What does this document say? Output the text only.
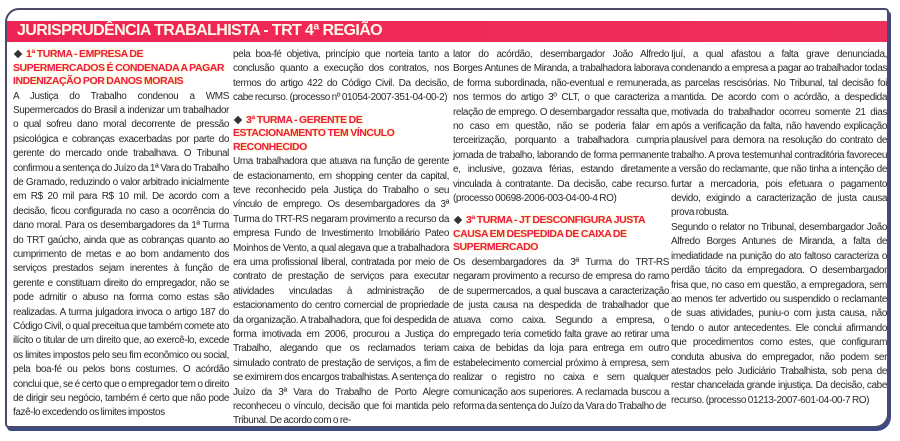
JURISPRUDÊNCIA TRABALHISTA - TRT 4ª REGIÃO
1ª TURMA - EMPRESA DE SUPERMERCADOS É CONDENADA A PAGAR INDENIZAÇÃO POR DANOS MORAIS

A Justiça do Trabalho condenou a WMS Supermercados do Brasil a indenizar um trabalhador o qual sofreu dano moral decorrente de pressão psicológica e cobranças exacerbadas por parte do gerente do mercado onde trabalhava. O Tribunal confirmou a sentença do Juízo da 1ª Vara do Trabalho de Gramado, reduzindo o valor arbitrado inicialmente em R$ 20 mil para R$ 10 mil. De acordo com a decisão, ficou configurada no caso a ocorrência do dano moral. Para os desembargadores da 1ª Turma do TRT gaúcho, ainda que as cobranças quanto ao cumprimento de metas e ao bom andamento dos serviços prestados sejam inerentes à função de gerente e constituam direito do empregador, não se pode admitir o abuso na forma como estas são realizadas. A turma julgadora invoca o artigo 187 do Código Civil, o qual preceitua que também comete ato ilícito o titular de um direito que, ao exercê-lo, excede os limites impostos pelo seu fim econômico ou social, pela boa-fé ou pelos bons costumes. O acórdão conclui que, se é certo que o empregador tem o direito de dirigir seu negócio, também é certo que não pode fazê-lo excedendo os limites impostos

pela boa-fé objetiva, princípio que norteia tanto a conclusão quanto a execução dos contratos, nos termos do artigo 422 do Código Civil. Da decisão, cabe recurso. (processo nº 01054-2007-351-04-00-2)

3ª TURMA - GERENTE DE ESTACIONAMENTO TEM VÍNCULO RECONHECIDO

Uma trabalhadora que atuava na função de gerente de estacionamento, em shopping center da capital, teve reconhecido pela Justiça do Trabalho o seu vínculo de emprego. Os desembargadores da 3ª Turma do TRT-RS negaram provimento a recurso da empresa Fundo de Investimento Imobiliário Pateo Moinhos de Vento, a qual alegava que a trabalhadora era uma profissional liberal, contratada por meio de contrato de prestação de serviços para executar atividades vinculadas à administração de estacionamento do centro comercial de propriedade da organização. A trabalhadora, que foi despedida de forma imotivada em 2006, procurou a Justiça do Trabalho, alegando que os reclamados teriam simulado contrato de prestação de serviços, a fim de se eximirem dos encargos trabalhistas. A sentença do Juízo da 3ª Vara do Trabalho de Porto Alegre reconheceu o vínculo, decisão que foi mantida pelo Tribunal. De acordo com o re-

lator do acórdão, desembargador João Alfredo Borges Antunes de Miranda, a trabalhadora laborava de forma subordinada, não-eventual e remunerada, nos termos do artigo 3º CLT, o que caracteriza a relação de emprego. O desembargador ressalta que, no caso em questão, não se poderia falar em terceirização, porquanto a trabalhadora cumpria jornada de trabalho, laborando de forma permanente e, inclusive, gozava férias, estando diretamente vinculada à contratante. Da decisão, cabe recurso. (processo 00698-2006-003-04-00-4 RO)

3ª TURMA - JT DESCONFIGURA JUSTA CAUSA EM DESPEDIDA DE CAIXA DE SUPERMERCADO

Os desembargadores da 3ª Turma do TRT-RS negaram provimento a recurso de empresa do ramo de supermercados, a qual buscava a caracterização de justa causa na despedida de trabalhador que atuava como caixa. Segundo a empresa, o empregado teria cometido falta grave ao retirar uma caixa de bebidas da loja para entrega em outro estabelecimento comercial próximo à empresa, sem realizar o registro no caixa e sem qualquer comunicação aos superiores. A reclamada buscou a reforma da sentença do Juízo da Vara do Trabalho de

Ijuí, a qual afastou a falta grave denunciada, condenando a empresa a pagar ao trabalhador todas as parcelas rescisórias. No Tribunal, tal decisão foi mantida. De acordo com o acórdão, a despedida motivada do trabalhador ocorreu somente 21 dias após a verificação da falta, não havendo explicação plausível para demora na resolução do contrato de trabalho. A prova testemunhal contraditória favoreceu a versão do reclamante, que não tinha a intenção de furtar a mercadoria, pois efetuara o pagamento devido, exigindo a caracterização de justa causa prova robusta.

Segundo o relator no Tribunal, desembargador João Alfredo Borges Antunes de Miranda, a falta de imediatidade na punição do ato faltoso caracteriza o perdão tácito da empregadora. O desembargador frisa que, no caso em questão, a empregadora, sem ao menos ter advertido ou suspendido o reclamante de suas atividades, puniu-o com justa causa, não tendo o autor antecedentes. Ele conclui afirmando que procedimentos como estes, que configuram conduta abusiva do empregador, não podem ser atestados pelo Judiciário Trabalhista, sob pena de restar chancelada grande injustiça. Da decisão, cabe recurso. (processo 01213-2007-601-04-00-7 RO)
